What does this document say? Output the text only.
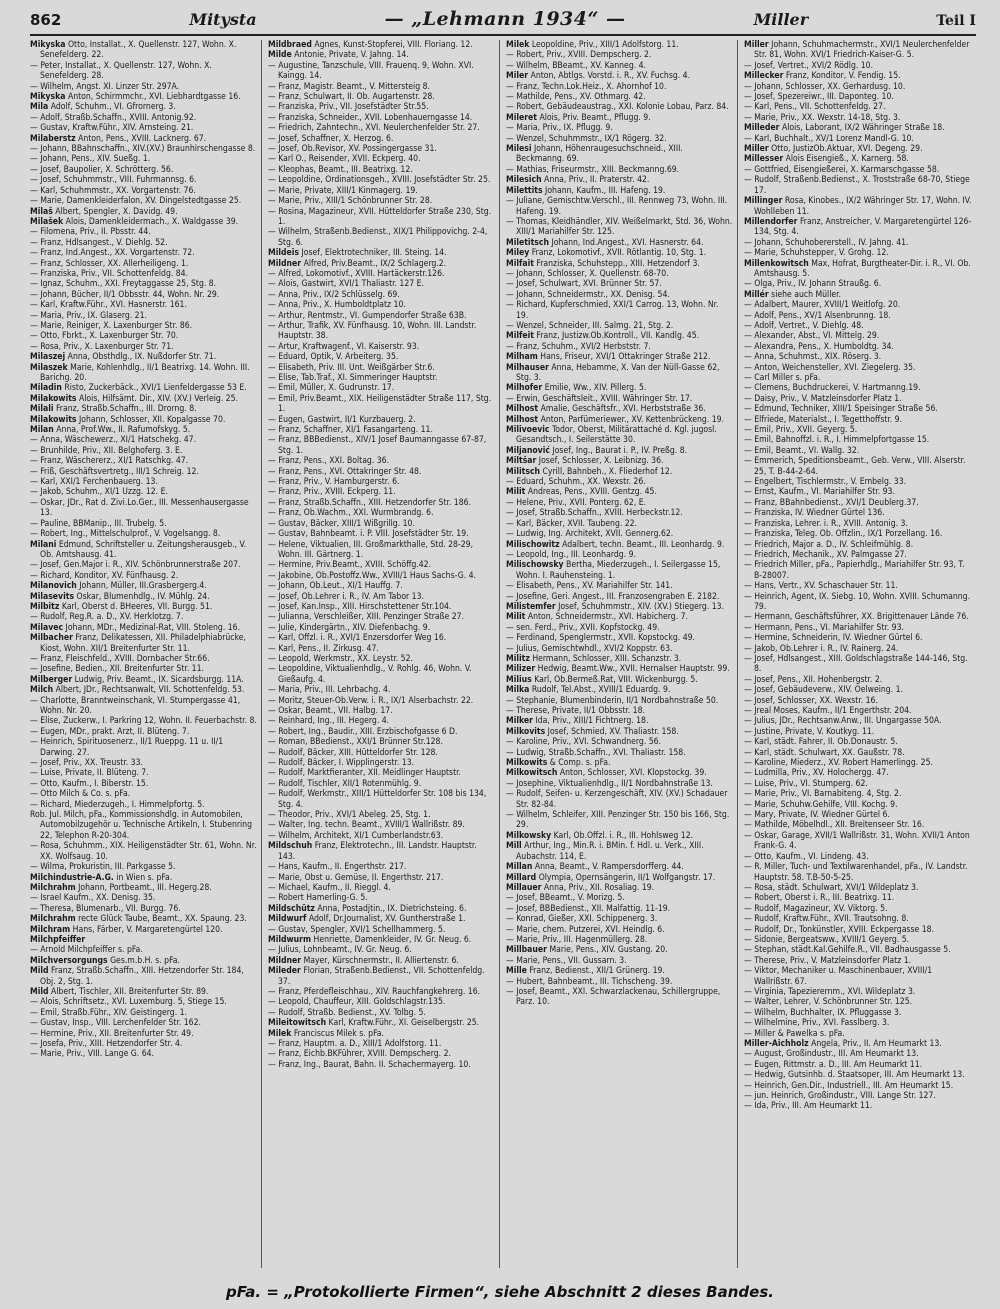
862	Mitysta	— „Lehmann 1934“ —	Miller	Teil I
Mikyska Otto, Installat., X. Quellenstr. 127, Wohn. X. Senefelderg. 22.
— Peter, Installat., X. Quellenstr. 127, Wohn. X. Senefelderg. 28.
— Wilhelm, Angst. XI. Linzer Str. 297A.
Mikyska Anton, Schirmmchr., XVI. Liebhardtgasse 16.
Mila Adolf, Schuhm., VI. Gfrornerg. 3.
— Adolf, Straßb.Schaffn., XVIII. Antonig.92.
— Gustav, Kraftw.Führ., XIV. Arnsteing. 21.
Milaberstz Anton, Pens., XVIII. Lacknerg. 67.
— Johann, BBahnschaffn., XIV.(XV.) Braunhirschengasse 8.
— Johann, Pens., XIV. Sueßg. 1.
— Josef, Baupolier, X. Schrötterg. 56.
— Josef, Schuhmmstr., VIII. Fuhrmannsg. 6.
— Karl, Schuhmmstr., XX. Vorgartenstr. 76.
— Marie, Damenkleiderfalon, XV. Dingelstedtgasse 25.
Milaš Albert, Spengler, X. Davidg. 49.
Milašek Alois, Damenkleidermach., X. Waldgasse 39.
— Filomena, Priv., II. Pbsstr. 44.
— Franz, Hdlsangest., V. Diehlg. 52.
— Franz, Ind.Angest., XX. Vorgartenstr. 72.
— Franz, Schlosser, XX. Allerheiligeng. 1.
— Franziska, Priv., VII. Schottenfeldg. 84.
— Ignaz, Schuhm., XXI. Freytaggasse 25, Stg. 8.
— Johann, Bücher, II/1 Obbsstr. 44, Wohn. Nr. 29.
— Karl, Kraftw.Führ., XVI. Hasnerstr. 161.
— Maria, Priv., IX. Glaserg. 21.
— Marie, Reiniger, X. Laxenburger Str. 86.
— Otto, Fbrkt., X. Laxenburger Str. 70.
— Rosa, Priv., X. Laxenburger Str. 71.
Milaszej Anna, Obsthdlg., IX. Nußdorfer Str. 71.
Milaszek Marie, Kohlenhdlg., II/1 Beatrixg. 14. Wohn. III. Barichg. 20.
Miladin Risto, Zuckerbäck., XVI/1 Lienfeldergasse 53 E.
Milakowits Alois, Hilfsämt. Dir., XIV. (XV.) Verleig. 25.
Milali Franz, Straßb.Schaffn., III. Drorng. 8.
Milakowits Johann, Schlosser, XII. Kopalgasse 70.
Milan Anna, Prof.Ww., II. Rafumofskyg. 5.
— Anna, Wäschewerz., XI/1 Hatschekg. 47.
— Brunhilde, Priv., XII. Belghoferg. 3. E.
— Franz, Wäschererz., XI/1 Ratschkg. 47.
— Friß, Geschäftsvertretg., III/1 Schreig. 12.
— Karl, XXI/1 Ferchenbauerg. 13.
— Jakob, Schuhm., XI/1 Uzzg. 12. E.
— Oskar, JDr., Rat d. Zivi.Lo.Ger., III. Messenhausergasse 13.
— Pauline, BBManip., III. Trubelg. 5.
— Robert, Ing., Mittelschulprof., V. Vogelsangg. 8.
Milani Edmund, Schriftsteller u. Zeitungsherausgeb., V. Ob. Amtshausg. 41.
— Josef, Gen.Major i. R., XIV. Schönbrunnerstraße 207.
— Richard, Konditor, XV. Fünfhausg. 2.
Milanovich Johann, Müller, III.Grasbergerg.4.
Milasevits Oskar, Blumenhdlg., IV. Mühlg. 24.
Milbitz Karl, Oberst d. BHeeres, VII. Burgg. 51.
— Rudolf, Reg.R. a. D., XV. Herklotzg. 7.
Milavec Johann, MDr., Medizinal-Rat, VIII. Stoleng. 16.
Milbacher Franz, Delikatessen, XII. Philadelphiabrücke, Kiost, Wohn. XII/1 Breitenfurter Str. 11.
— Franz, Fleischfeld., XVIII. Dornbacher Str.66.
— Josefine, Bedien., XII. Breitenfurter Str. 11.
Milberger Ludwig, Priv. Beamt., IX. Sicardsburgg. 11A.
Milch Albert, JDr., Rechtsanwalt, VII. Schottenfeldg. 53.
— Charlotte, Branntweinschank, VI. Stumpergasse 41, Wohn. Nr. 20.
— Elise, Zuckerw., I. Parkring 12, Wohn. II. Feuerbachstr. 8.
— Eugen, MDr., prakt. Arzt, II. Blüteng. 7.
— Heinrich, Spirituosenerz., II/1 Rueppg. 11 u. II/1 Darwing. 27.
— Josef, Priv., XX. Treustr. 33.
— Luise, Private, II. Blüteng. 7.
— Otto, Kaufm., I. Biberstr. 15.
— Otto Milch & Co. s. pFa.
— Richard, Miederzugeh., I. Himmelpfortg. 5.
Rob. Jul. Milch, pFa., Kommissionshdlg. in Automobilen, Automobilzugehör u. Technische Artikeln, I. Stubenring 22, Telephon R-20-304.
— Rosa, Schuhmm., XIX. Heiligenstädter Str. 61, Wohn. Nr. XX. Wolfsaug. 10.
— Wilma, Prokuristin, III. Parkgasse 5.
Milchindustrie-A.G. in Wien s. pFa.
Milchrahm Johann, Portbeamt., III. Hegerg.28.
— Israel Kaufm., XX. Denisg. 35.
— Theresa, Blumenarb., VII. Burgg. 76.
Milchrahm recte Glück Taube, Beamt., XX. Spaung. 23.
Milchram Hans, Färber, V. Margaretengürtel 120.
Milchpfeiffer
— Arnold Milchpfeiffer s. pFa.
Milchversorgungs Ges.m.b.H. s. pFa.
Mild Franz, Straßb.Schaffn., XIII. Hetzendorfer Str. 184, Obj. 2, Stg. 1.
Mild Albert, Tischler, XII. Breitenfurter Str. 89.
— Alois, Schriftsetz., XVI. Luxemburg. 5, Stiege 15.
— Emil, Straßb.Führ., XIV. Geistingerg. 1.
— Gustav, Insp., VIII. Lerchenfelder Str. 162.
— Hermine, Priv., XII. Breitenfurter Str. 49.
— Josefa, Priv., XIII. Hetzendorfer Str. 4.
— Marie, Priv., VIII. Lange G. 64.
Mildbraed Agnes, Kunst-Stopferei, VIII. Floriang. 12.
Milde Antonie, Private, V. Jahng. 14.
— Augustine, Tanzschule, VIII. Frauenq. 9, Wohn. XVI. Kaingg. 14.
— Franz, Magistr. Beamt., V. Mittersteig 8.
— Franz, Schulwart, II. Ob. Augartenstr. 28.
— Franziska, Priv., VII. Josefstädter Str.55.
— Franziska, Schneider., XVII. Lobenhauerngasse 14.
— Friedrich, Zahntechn., XVI. Neulerchenfelder Str. 27.
— Josef, Schaffner, X. Herzog. 6.
— Josef, Ob.Revisor, XV. Possingergasse 31.
— Karl O., Reisender, XVII. Eckperg. 40.
— Kleophas, Beamt., III. Beatrixg. 12.
— Leopoldine, Ordinationsgeh., XVIII. Josefstädter Str. 25.
— Marie, Private, XIII/1 Kinmagerg. 19.
— Marie, Priv., XIII/1 Schönbrunner Str. 28.
— Rosina, Magazineur, XVII. Hütteldorfer Straße 230, Stg. 1.
— Wilhelm, Straßenb.Bedienst., XIX/1 Philippovichg. 2-4, Stg. 6.
Mildeis Josef, Elektrotechniker, III. Steing. 14.
Mildner Alfred, Priv.Beamt., IX/2 Schlagerg.2.
— Alfred, Lokomotivf., XVIII. Hartäckerstr.126.
— Alois, Gastwirt, XVI/1 Thaliastr. 127 E.
— Anna, Priv., IX/2 Schlüsselg. 69.
— Anna, Priv., X. Humboldtplatz 10.
— Arthur, Rentmstr., VI. Gumpendorfer Straße 63B.
— Arthur, Trafik, XV. Fünfhausg. 10, Wohn. III. Landstr. Hauptstr. 38.
— Artur, Kraftwagenf., VI. Kaiserstr. 93.
— Eduard, Optik, V. Arbeiterg. 35.
— Elisabeth, Priv. III. Unt. Weißgärber Str.6.
— Elise, Tab.Traf., XI. Simmeringer Hauptstr.
— Emil, Müller, X. Gudrunstr. 17.
— Emil, Priv.Beamt., XIX. Heiligenstädter Straße 117, Stg. 1.
— Eugen, Gastwirt, II/1 Kurzbauerg. 2.
— Franz, Schaffner, XI/1 Fasangarteng. 11.
— Franz, BBBedienst., XIV/1 Josef Baumanngasse 67-87, Stg. 1.
— Franz, Pens., XXI. Boltag. 36.
— Franz, Pens., XVI. Ottakringer Str. 48.
— Franz, Priv., V. Hamburgerstr. 6.
— Franz, Priv., XVIII. Eckperg. 11.
— Franz, Straßb.Schaffn., XIII. Hetzendorfer Str. 186.
— Franz, Ob.Wachm., XXI. Wurmbrandg. 6.
— Gustav, Bäcker, XIII/1 Wißgrillg. 10.
— Gustav, Bahnbeamt. i. P. VIII. Josefstädter Str. 19.
— Helene, Viktualien, III. Großmarkthalle, Std. 28-29, Wohn. III. Gärtnerg. 1.
— Hermine, Priv.Beamt., XVIII. Schöffg.42.
— Jakobine, Ob.Postoffz.Ww., XVIII/1 Haus Sachs-G. 4.
— Johann, Ob.Leut., XI/1 Hauffg. 7.
— Josef, Ob.Lehrer i. R., IV. Am Tabor 13.
— Josef, Kan.Insp., XIII. Hirschstettener Str.104.
— Julianna, Verschleißer, XIII. Penzinger Straße 27.
— Julie, Kindergärtn., XIV. Diefenbachg. 9.
— Karl, Offzl. i. R., XVI/1 Enzersdorfer Weg 16.
— Karl, Pens., II. Zirkusg. 47.
— Leopold, Werkmstr., XX. Leystr. 52.
— Leopoldine, Viktualienhdlg., V. Rohlg. 46, Wohn. V. Gießaufg. 4.
— Maria, Priv., III. Lehrbachg. 4.
— Moritz, Steuer-Ob.Verw. i. R., IX/1 Alserbachstr. 22.
— Oskar, Beamt., VII. Halbg. 17.
— Reinhard, Ing., III. Hegerg. 4.
— Robert, Ing., Baudir., XIII. Erzbischofgasse 6 D.
— Roman, BBedienst., XXI/1 Brünner Str.128.
— Rudolf, Bäcker, XIII. Hütteldorfer Str. 128.
— Rudolf, Bäcker, I. Wipplingerstr. 13.
— Rudolf, Marktfieranter, XII. Meidlinger Hauptstr.
— Rudolf, Tischler, XII/1 Rotenmühlg. 9.
— Rudolf, Werkmstr., XIII/1 Hütteldorfer Str. 108 bis 134, Stg. 4.
— Theodor, Priv., XVI/1 Abeleg. 25, Stg. 1.
— Walter, Ing. techn. Beamt., XVIII/1 Wallrißstr. 89.
— Wilhelm, Architekt, XI/1 Cumberlandstr.63.
Mildschuh Franz, Elektrotechn., III. Landstr. Hauptstr. 143.
— Hans, Kaufm., II. Engerthstr. 217.
— Marie, Obst u. Gemüse, II. Engerthstr. 217.
— Michael, Kaufm., II. Rieggl. 4.
— Robert Hamerling-G. 5.
Mildschütz Anna, Postadjtin., IX. Dietrichsteing. 6.
Mildwurf Adolf, Dr.Journalist, XV. Guntherstraße 1.
— Gustav, Spengler, XVI/1 Schellhammerg. 5.
Mildwurm Henriette, Damenkleider, IV. Gr. Neug. 6.
— Julius, Lohnbeamt., IV. Gr. Neug. 6.
Mildner Mayer, Kürschnermstr., II. Alliertenstr. 6.
Mileder Florian, Straßenb.Bedienst., VII. Schottenfeldg. 37.
— Franz, Pferdefleischhau., XIV. Rauchfangkehrerg. 16.
— Leopold, Chauffeur, XIII. Goldschlagstr.135.
— Rudolf, Straßb. Bedienst., XV. Tolbg. 5.
Mileitowitsch Karl, Kraftw.Führ., XI. Geiselbergstr. 25.
Milek Franciscus Milek s. pFa.
— Franz, Hauptm. a. D., XIII/1 Adolfstorg. 11.
— Franz, Eichb.BKFührer, XVIII. Dempscherg. 2.
— Franz, Ing., Baurat, Bahn. II. Schachermayerg. 10.
Milek Leopoldine, Priv., XIII/1 Adolfstorg. 11.
— Robert, Priv., XVIII. Dempscherg. 2.
— Wilhelm, BBeamt., XV. Kanneg. 4.
Miler Anton, Abtlgs. Vorstd. i. R., XV. Fuchsg. 4.
— Franz, Techn.Lok.Heiz., X. Ahornhof 10.
— Mathilde, Pens., XV. Othmarg. 42.
— Robert, Gebäudeaustrag., XXI. Kolonie Lobau, Parz. 84.
Mileret Alois, Priv. Beamt., Pflugg. 9.
— Maria, Priv., IX. Pflugg. 9.
— Wenzel, Schuhmmstr., IX/1 Rögerg. 32.
Milesi Johann, Höhenraugesuchschneid., XIII. Beckmanng. 69.
— Mathias, Friseurmstr., XIII. Beckmanng.69.
Milesich Anna, Priv., II. Praterstr. 42.
Milettits Johann, Kaufm., III. Hafeng. 19.
— Juliane, Gemischtw.Verschl., III. Rennweg 73, Wohn. III. Hafeng. 19.
— Thomas, Kleidhändler, XIV. Weißelmarkt, Std. 36, Wohn. XIII/1 Mariahilfer Str. 125.
Miletitsch Johann, Ind.Angest., XVI. Hasnerstr. 64.
Miley Franz, Lokomotivf., XVII. Rötlantig. 10, Stg. 1.
Milfait Franziska, Schuhstepp., XIII. Hetzendorf 3.
— Johann, Schlosser, X. Quellenstr. 68-70.
— Josef, Schulwart, XVI. Brünner Str. 57.
— Johann, Schneidermstr., XX. Denisg. 54.
— Richard, Kupferschmied, XXI/1 Carrog. 13, Wohn. Nr. 19.
— Wenzel, Schneider, III. Salmg. 21, Stg. 2.
Milfeit Franz, Justizw.Ob.Kontroll., VII. Kandlg. 45.
— Franz, Schuhm., XVI/2 Herbststr. 7.
Milham Hans, Friseur, XVI/1 Ottakringer Straße 212.
Milhauser Anna, Hebamme, X. Van der Nüll-Gasse 62, Stg. 3.
Milhofer Emilie, Ww., XIV. Pillerg. 5.
— Erwin, Geschäftsleit., XVIII. Währinger Str. 17.
Milhost Amalie, Geschäftsfr., XVI. Herbststraße 36.
Milhost Anton, Parfümeriewer., XV. Kettenbrückeng. 19.
Milivoevic Todor, Oberst, Militärattaché d. Kgl. jugosl. Gesandtsch., I. Seilerstätte 30.
Miljanović Josef, Ing., Baurat i. P., IV. Preßg. 8.
Miltšar Josef, Schlosser, X. Leibnizg. 36.
Militsch Cyrill, Bahnbeh., X. Fliederhof 12.
— Eduard, Schuhm., XX. Wexstr. 26.
Milit Andreas, Pens., XVIII. Gentzg. 45.
— Helene, Priv., XVII. Ponterg. 62, E.
— Josef, Straßb.Schaffn., XVIII. Herbeckstr.12.
— Karl, Bäcker, XVII. Taubeng. 22.
— Ludwig, Ing. Architekt, XVII. Gennerg.62.
Milischowitz Adalbert, techn. Beamt., III. Leonhardg. 9.
— Leopold, Ing., III. Leonhardg. 9.
Milischowsky Bertha, Miederzugeh., I. Seilergasse 15, Wohn. I. Rauhensteing. 1.
— Elisabeth, Pens., XV. Mariahilfer Str. 141.
— Josefine, Geri. Angest., III. Franzosengraben E. 2182.
Milistemfer Josef, Schuhmmstr., XIV. (XV.) Stiegerg. 13.
Milit Anton, Schneidermstr., XVI. Habicherg. 7.
— sen. Ferd., Priv., XVII. Kopfstockg. 49.
— Ferdinand, Spenglermstr., XVII. Kopstockg. 49.
— Julius, Gemischtwhdl., XVI/2 Koppstr. 63.
Militz Hermann, Schlosser, XIII. Schanzstr. 3.
Milizer Hedwig, Beamt.Ww., XVII. Hernalser Hauptstr. 99.
Milius Karl, Ob.Bermeß.Rat, VIII. Wickenburgg. 5.
Milka Rudolf, Tel.Abst., XVIII/1 Eduardg. 9.
— Stephanie, Blumenbinderin, II/1 Nordbahnstraße 50.
— Therese, Private, II/1 Obbsstr. 18.
Milker Ida, Priv., XIII/1 Fichtnerg. 18.
Milkovits Josef, Schmied, XV. Thaliastr. 158.
— Karoline, Priv., XVI. Schwandnerg. 56.
— Ludwig, Straßb.Schaffn., XVI. Thaliastr. 158.
Milkowits & Comp. s. pFa.
Milkowitsch Anton, Schlosser, XVI. Klopstockg. 39.
— Josephine, Viktualienhdlg., II/1 Nordbahnstraße 13.
— Rudolf, Seifen- u. Kerzengeschäft, XIV. (XV.) Schadauer Str. 82-84.
— Wilhelm, Schleifer, XIII. Penzinger Str. 150 bis 166, Stg. 29.
Milkowsky Karl, Ob.Offzl. i. R., III. Hohlsweg 12.
Mill Arthur, Ing., Min.R. i. BMin. f. Hdl. u. Verk., XIII. Aubachstr. 114, E.
Millan Anna, Beamt., V. Rampersdorfferg. 44.
Millard Olympia, Opernsängerin, II/1 Wolfgangstr. 17.
Millauer Anna, Priv., XII. Rosaliag. 19.
— Josef, BBeamt., V. Morizg. 5.
— Josef, BBBedienst., XII. Malfattig. 11-19.
— Konrad, Gießer, XXI. Schippenerg. 3.
— Marie, chem. Putzerei, XVI. Heindlg. 6.
— Marie, Priv., III. Hagenmüllerg. 28.
Millbauer Marie, Pens., XIV. Gustang. 20.
— Marie, Pens., VII. Gussarn. 3.
Mille Franz, Bedienst., XII/1 Grünerg. 19.
— Hubert, Bahnbeamt., III. Tichscheng. 39.
— Josef, Beamt., XXI. Schwarzlackenau, Schillergruppe, Parz. 10.
Miller Johann, Schuhmachermstr., XVI/1 Neulerchenfelder Str. 81, Wohn. XVI/1 Friedrich-Kaiser-G. 5.
— Josef, Vertret., XVI/2 Rödlg. 10.
Millecker Franz, Konditor, V. Fendig. 15.
— Johann, Schlosser, XX. Gerhardusg. 10.
— Josef, Spezereiwr., III. Daponteg. 10.
— Karl, Pens., VII. Schottenfeldg. 27.
— Marie, Priv., XX. Wexstr. 14-18, Stg. 3.
Milleder Alois, Laborant, IX/2 Währinger Straße 18.
— Karl, Buchhalt., XV/1 Lorenz Mandl-G. 10.
Miller Otto, JustizOb.Aktuar, XVI. Degeng. 29.
Millesser Alois Eisengieß., X. Karnerg. 58.
— Gottfried, Eisengießerei, X. Karmarschgasse 58.
— Rudolf, Straßenb.Bedienst., X. Troststraße 68-70, Stiege 17.
Millinger Rosa, Kinobes., IX/2 Währinger Str. 17, Wohn. IV. Wohlleben 11.
Millendorfer Franz, Anstreicher, V. Margaretengürtel 126-134, Stg. 4.
— Johann, Schuhobererstell., IV. Jahng. 41.
— Marie, Schuhstepper, V. Grohg. 12.
Millenkowitsch Max, Hofrat, Burgtheater-Dir. i. R., VI. Ob. Amtshausg. 5.
— Olga, Priv., IV. Johann Straußg. 6.
Millér siehe auch Müller.
— Adalbert, Maurer, XVIII/1 Weitlofg. 20.
— Adolf, Pens., XV/1 Alsenbrunng. 18.
— Adolf, Vertret., V. Diehlg. 48.
— Alexander, Abst., VI. Mittelg. 29.
— Alexandra, Pens., X. Humboldtg. 34.
— Anna, Schuhmst., XIX. Röserg. 3.
— Anton, Weichensteller, XVI. Ziegelerg. 35.
— Carl Miller s. pFa.
— Clemens, Buchdruckerei, V. Hartmanng.19.
— Daisy, Priv., V. Matzleinsdorfer Platz 1.
— Edmund, Techniker, XIII/1 Speisinger Straße 56.
— Elfriede, Materialst., I. Tegetthoffstr. 9.
— Emil, Priv., XVII. Geyerg. 5.
— Emil, Bahnoffzl. i. R., I. Himmelpfortgasse 15.
— Emil, Beamt., VI. Wallg. 32.
— Emmerich, Speditionsbeamt., Geb. Verw., VIII. Alserstr. 25, T. B-44-2-64.
— Engelbert, Tischlermstr., V. Embelg. 33.
— Ernst, Kaufm., VI. Mariahilfer Str. 93.
— Franz, BBahnbedienst., XVI/1 Deublerg.37.
— Franziska, IV. Wiedner Gürtel 136.
— Franziska, Lehrer. i. R., XVIII. Antonig. 3.
— Franziska, Teleg. Ob. Offzlin., IX/1 Porzellang. 16.
— Friedrich, Major a. D., IV. Schleifmühlg. 8.
— Friedrich, Mechanik., XV. Palmgasse 27.
— Friedrich Miller, pFa., Papierhdlg., Mariahilfer Str. 93, T. B-28007.
— Hans, Vertr., XV. Schaschauer Str. 11.
— Heinrich, Agent, IX. Siebg. 10, Wohn. XVIII. Schumanng. 79.
— Hermann, Geschäftsführer, XX. Brigittenauer Lände 76.
— Hermann, Pens., VI. Mariahilfer Str. 93.
— Hermine, Schneiderin, IV. Wiedner Gürtel 6.
— Jakob, Ob.Lehrer i. R., IV. Rainerg. 24.
— Josef, Hdlsangest., XIII. Goldschlagstraße 144-146, Stg. 8.
— Josef, Pens., XII. Hohenbergstr. 2.
— Josef, Gebäudeverw., XIV. Oelweing. 1.
— Josef, Schlosser, XX. Wexstr. 16.
— Jreal Moses, Kaufm., II/1 Engerthstr. 204.
— Julius, JDr., Rechtsanw.Anw., III. Ungargasse 50A.
— Justine, Private, V. Koutkyg. 11.
— Karl, städt. Fahrer, II. Ob.Donaustr. 5.
— Karl, städt. Schulwart, XX. Gaußstr. 78.
— Karoline, Miederz., XV. Robert Hamerlingg. 25.
— Ludmilla, Priv., XV. Holochergg. 47.
— Luise, Priv., VI. Stumperg. 62.
— Marie, Priv., VI. Barnabiteng. 4, Stg. 2.
— Marie, Schuhw.Gehilfe, VIII. Kochg. 9.
— Mary, Private, IV. Wiedner Gürtel 6.
— Mathilde, Möbelhdl., XII. Breitenseer Str. 16.
— Oskar, Garage, XVII/1 Wallrißstr. 31, Wohn. XVII/1 Anton Frank-G. 4.
— Otto, Kaufm., VI. Lindeng. 43.
— R. Miller, Tuch- und Textilwarenhandel, pFa., IV. Landstr. Hauptstr. 58. T.B-50-5-25.
— Rosa, städt. Schulwart, XVI/1 Wildeplatz 3.
— Robert, Oberst i. R., III. Beatrixg. 11.
— Rudolf, Magazineur, XV. Viktorg. 5.
— Rudolf, Kraftw.Führ., XVII. Trautsohng. 8.
— Rudolf, Dr., Tonkünstler, XVIII. Eckpergasse 18.
— Sidonie, Bergeatsww., XVIII/1 Geyerg. 5.
— Stephan, städt.Kal.Gehilfe.R., VII. Badhausgasse 5.
— Therese, Priv., V. Matzleinsdorfer Platz 1.
— Viktor, Mechaniker u. Maschinenbauer, XVIII/1 Wallrißstr. 67.
— Virginia, Tapezierernm., XVI. Wildeplatz 3.
— Walter, Lehrer, V. Schönbrunner Str. 125.
— Wilhelm, Buchhalter, IX. Pfluggasse 3.
— Wilhelmine, Priv., XVI. Fasslberg. 3.
— Miller & Pawelka s. pFa.
Miller-Aichholz Angela, Priv., II. Am Heumarkt 13.
— August, Großindustr., III. Am Heumarkt 13.
— Eugen, Rittmstr. a. D., III. Am Heumarkt 11.
— Hedwig, Gutsinhb. d. Staatsoper, III. Am Heumarkt 13.
— Heinrich, Gen.Dir., Industriell., III. Am Heumarkt 15.
— jun. Heinrich, Großindustr., VIII. Lange Str. 127.
— Ida, Priv., III. Am Heumarkt 11.
pFa. = „Protokollierte Firmen“, siehe Abschnitt 2 dieses Bandes.
